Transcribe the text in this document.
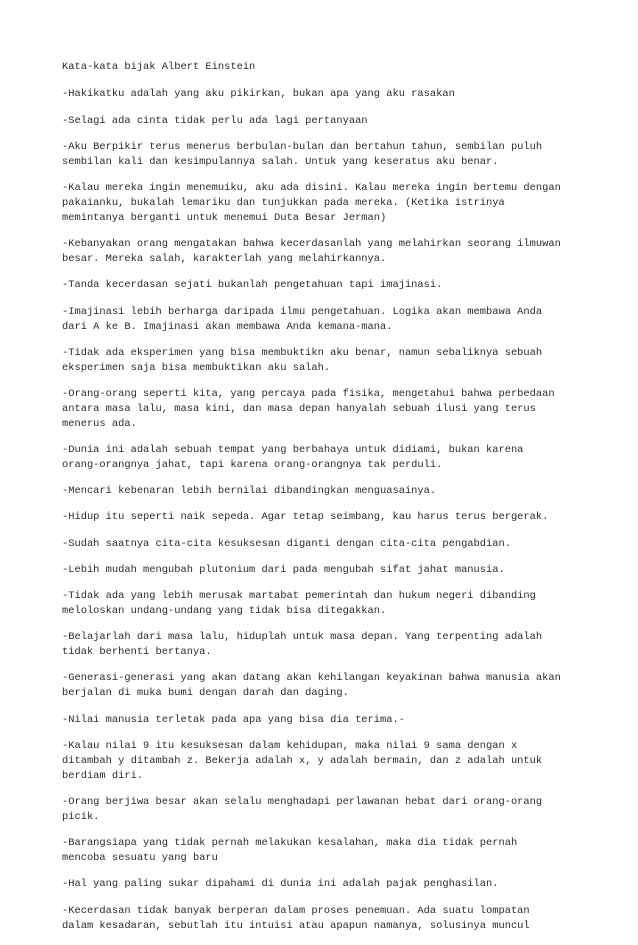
Kata-kata bijak Albert Einstein
-Hakikatku adalah yang aku pikirkan, bukan apa yang aku rasakan
-Selagi ada cinta tidak perlu ada lagi pertanyaan
-Aku Berpikir terus menerus berbulan-bulan dan bertahun tahun, sembilan puluh
sembilan kali dan kesimpulannya salah. Untuk yang keseratus aku benar.
-Kalau mereka ingin menemuiku, aku ada disini. Kalau mereka ingin bertemu dengan
pakaianku, bukalah lemariku dan tunjukkan pada mereka. (Ketika istrinya
memintanya berganti untuk menemui Duta Besar Jerman)
-Kebanyakan orang mengatakan bahwa kecerdasanlah yang melahirkan seorang ilmuwan
besar. Mereka salah, karakterlah yang melahirkannya.
-Tanda kecerdasan sejati bukanlah pengetahuan tapi imajinasi.
-Imajinasi lebih berharga daripada ilmu pengetahuan. Logika akan membawa Anda
dari A ke B. Imajinasi akan membawa Anda kemana-mana.
-Tidak ada eksperimen yang bisa membuktikn aku benar, namun sebaliknya sebuah
eksperimen saja bisa membuktikan aku salah.
-Orang-orang seperti kita, yang percaya pada fisika, mengetahui bahwa perbedaan
antara masa lalu, masa kini, dan masa depan hanyalah sebuah ilusi yang terus
menerus ada.
-Dunia ini adalah sebuah tempat yang berbahaya untuk didiami, bukan karena
orang-orangnya jahat, tapi karena orang-orangnya tak perduli.
-Mencari kebenaran lebih bernilai dibandingkan menguasainya.
-Hidup itu seperti naik sepeda. Agar tetap seimbang, kau harus terus bergerak.
-Sudah saatnya cita-cita kesuksesan diganti dengan cita-cita pengabdian.
-Lebih mudah mengubah plutonium dari pada mengubah sifat jahat manusia.
-Tidak ada yang lebih merusak martabat pemerintah dan hukum negeri dibanding
meloloskan undang-undang yang tidak bisa ditegakkan.
-Belajarlah dari masa lalu, hiduplah untuk masa depan. Yang terpenting adalah
tidak berhenti bertanya.
-Generasi-generasi yang akan datang akan kehilangan keyakinan bahwa manusia akan
berjalan di muka bumi dengan darah dan daging.
-Nilai manusia terletak pada apa yang bisa dia terima.-
-Kalau nilai 9 itu kesuksesan dalam kehidupan, maka nilai 9 sama dengan x
ditambah y ditambah z. Bekerja adalah x, y adalah bermain, dan z adalah untuk
berdiam diri.
-Orang berjiwa besar akan selalu menghadapi perlawanan hebat dari orang-orang
picik.
-Barangsiapa yang tidak pernah melakukan kesalahan, maka dia tidak pernah
mencoba sesuatu yang baru
-Hal yang paling sukar dipahami di dunia ini adalah pajak penghasilan.
-Kecerdasan tidak banyak berperan dalam proses penemuan. Ada suatu lompatan
dalam kesadaran, sebutlah itu intuisi atau apapun namanya, solusinya muncul
